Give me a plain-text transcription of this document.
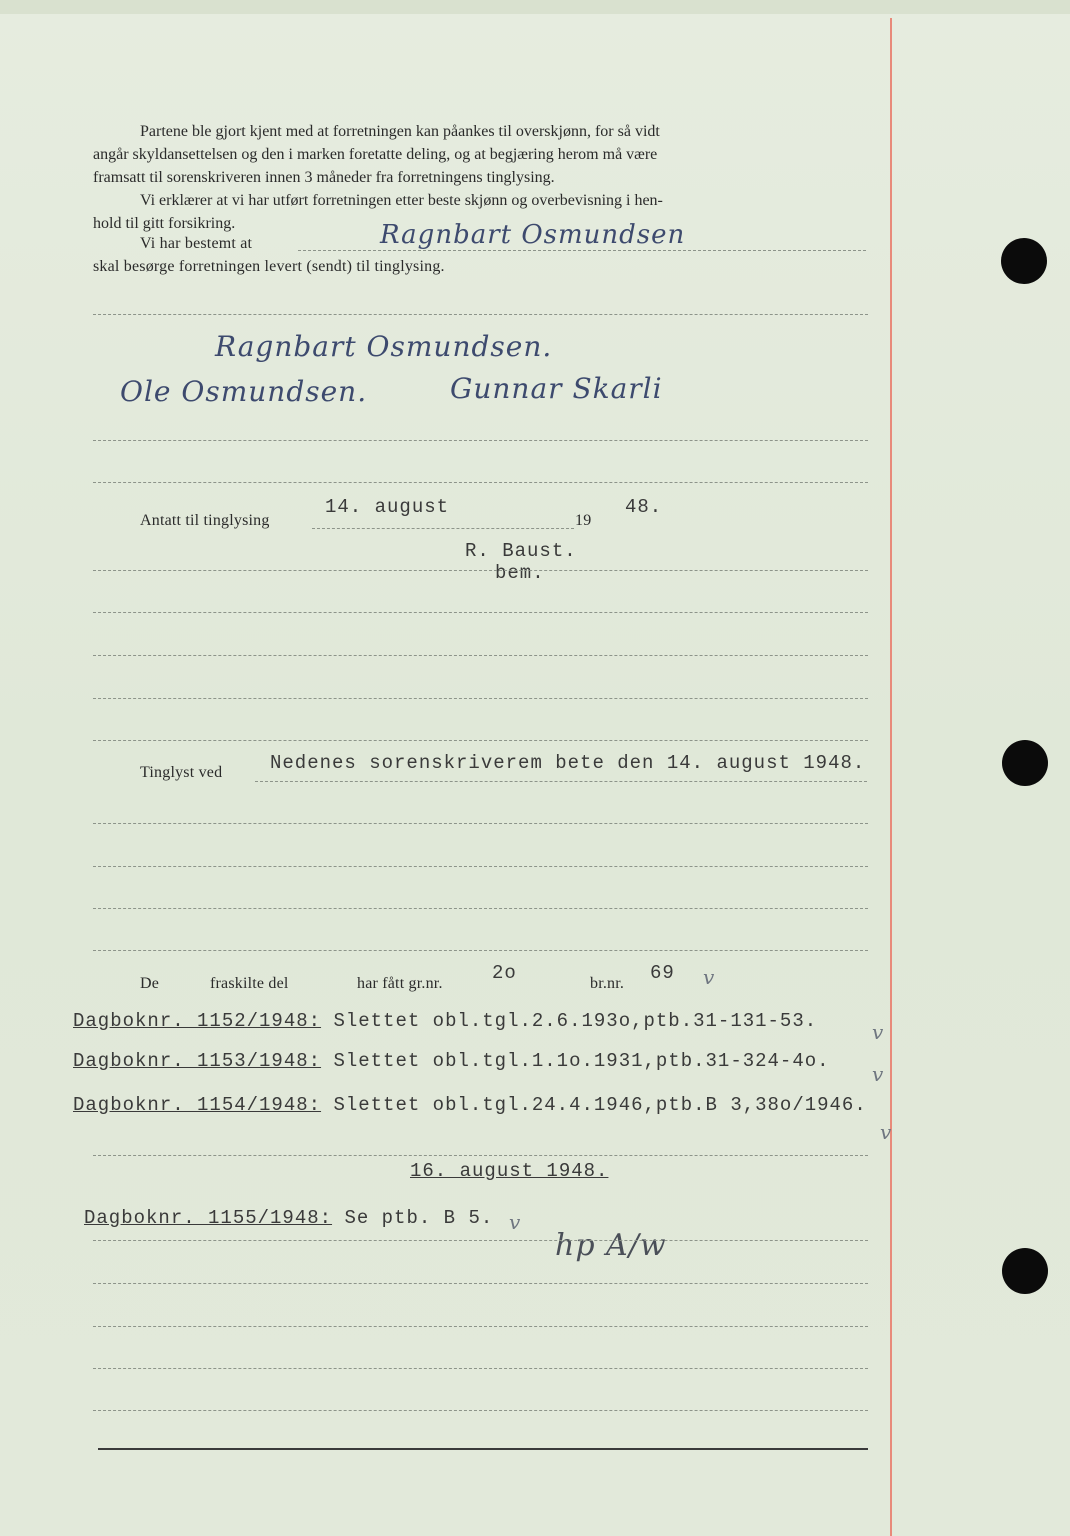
Partene ble gjort kjent med at forretningen kan påankes til overskjønn, for så vidt
angår skyldansettelsen og den i marken foretatte deling, og at begjæring herom må være
framsatt til sorenskriveren innen 3 måneder fra forretningens tinglysing.
Vi erklærer at vi har utført forretningen etter beste skjønn og overbevisning i hen-
hold til gitt forsikring.
Vi har bestemt at	Ragnbart Osmundsen
skal besørge forretningen levert (sendt) til tinglysing.
Ragnbart Osmundsen.
Ole Osmundsen.	Gunnar Skarli
Antatt til tinglysing
14. august
19
48.
R. Baust.
bem.
Tinglyst ved	Nedenes sorenskriverem bete den 14. august 1948.
De	fraskilte del	har fått gr.nr.	2o	br.nr. 69 v
Dagboknr. 1152/1948: Slettet obl.tgl.2.6.193o,ptb.31-131-53.	v
Dagboknr. 1153/1948: Slettet obl.tgl.1.1o.1931,ptb.31-324-4o.
v
Dagboknr. 1154/1948: Slettet obl.tgl.24.4.1946,ptb.B 3,38o/1946.
v
16. august 1948.
Dagboknr. 1155/1948: Se ptb. B 5. v
hp A/w
